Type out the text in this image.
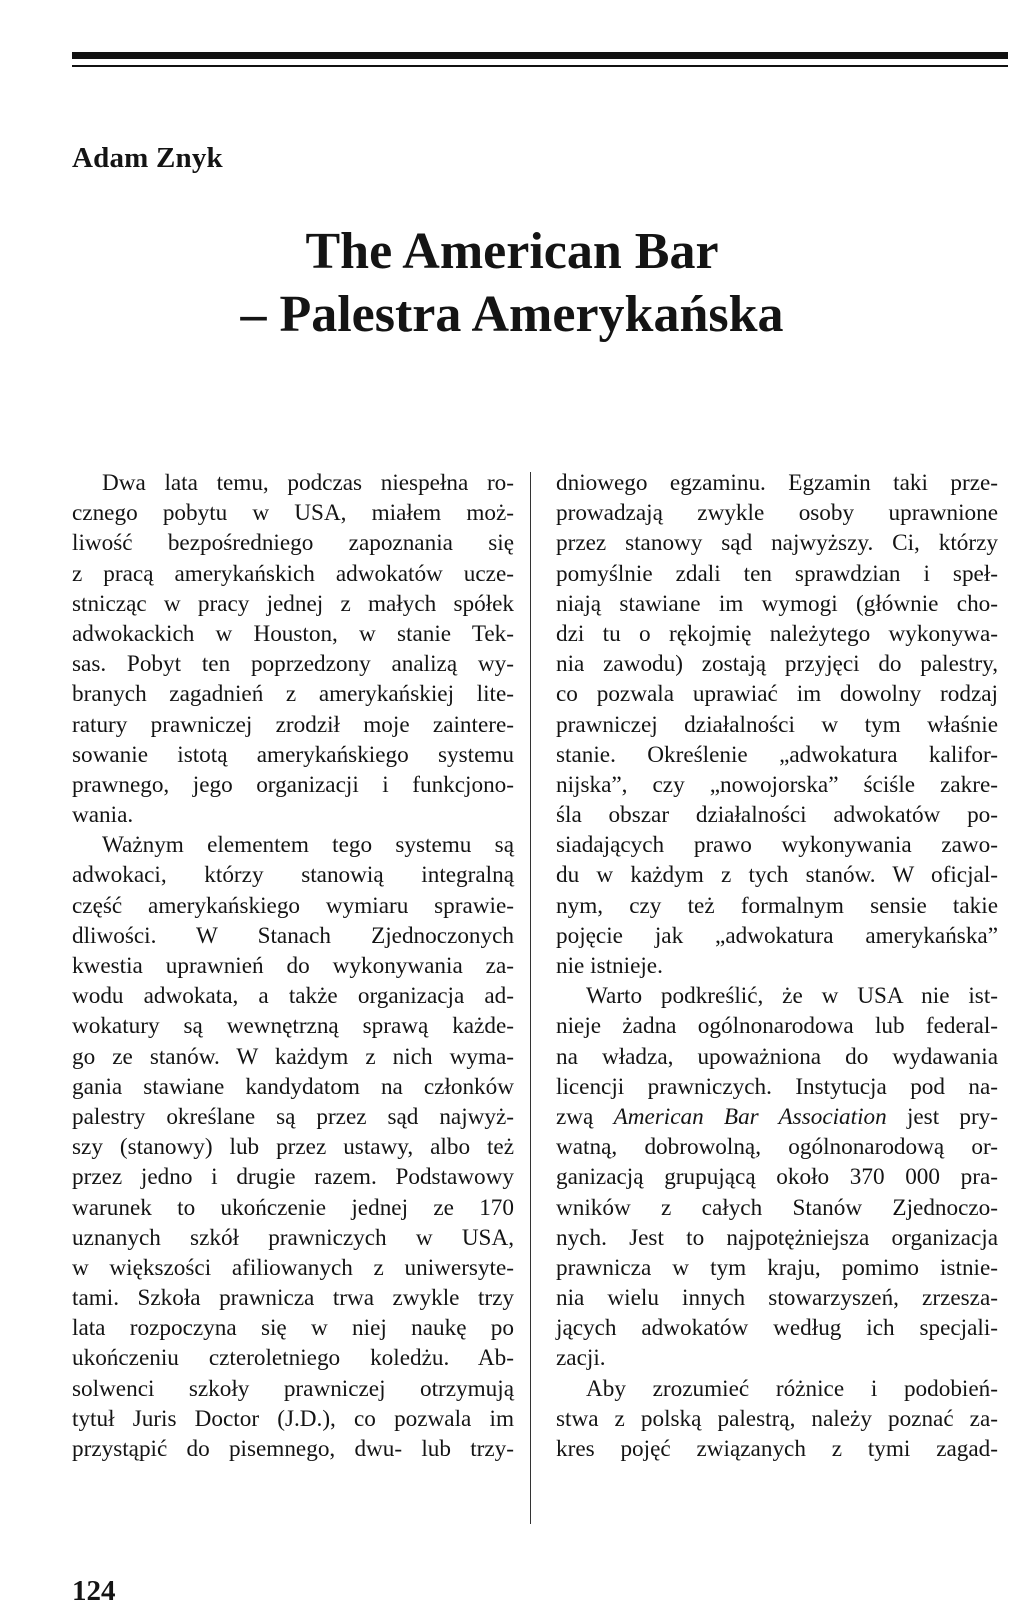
Adam Znyk
The American Bar
– Palestra Amerykańska
Dwa lata temu, podczas niespełna ro-
cznego pobytu w USA, miałem moż-
liwość bezpośredniego zapoznania się
z pracą amerykańskich adwokatów ucze-
stnicząc w pracy jednej z małych spółek
adwokackich w Houston, w stanie Tek-
sas. Pobyt ten poprzedzony analizą wy-
branych zagadnień z amerykańskiej lite-
ratury prawniczej zrodził moje zaintere-
sowanie istotą amerykańskiego systemu
prawnego, jego organizacji i funkcjono-
wania.
Ważnym elementem tego systemu są
adwokaci, którzy stanowią integralną
część amerykańskiego wymiaru sprawie-
dliwości. W Stanach Zjednoczonych
kwestia uprawnień do wykonywania za-
wodu adwokata, a także organizacja ad-
wokatury są wewnętrzną sprawą każde-
go ze stanów. W każdym z nich wyma-
gania stawiane kandydatom na członków
palestry określane są przez sąd najwyż-
szy (stanowy) lub przez ustawy, albo też
przez jedno i drugie razem. Podstawowy
warunek to ukończenie jednej ze 170
uznanych szkół prawniczych w USA,
w większości afiliowanych z uniwersyte-
tami. Szkoła prawnicza trwa zwykle trzy
lata rozpoczyna się w niej naukę po
ukończeniu czteroletniego koledżu. Ab-
solwenci szkoły prawniczej otrzymują
tytuł Juris Doctor (J.D.), co pozwala im
przystąpić do pisemnego, dwu- lub trzy-
dniowego egzaminu. Egzamin taki prze-
prowadzają zwykle osoby uprawnione
przez stanowy sąd najwyższy. Ci, którzy
pomyślnie zdali ten sprawdzian i speł-
niają stawiane im wymogi (głównie cho-
dzi tu o rękojmię należytego wykonywa-
nia zawodu) zostają przyjęci do palestry,
co pozwala uprawiać im dowolny rodzaj
prawniczej działalności w tym właśnie
stanie. Określenie „adwokatura kalifor-
nijska”, czy „nowojorska” ściśle zakre-
śla obszar działalności adwokatów po-
siadających prawo wykonywania zawo-
du w każdym z tych stanów. W oficjal-
nym, czy też formalnym sensie takie
pojęcie jak „adwokatura amerykańska”
nie istnieje.
Warto podkreślić, że w USA nie ist-
nieje żadna ogólnonarodowa lub federal-
na władza, upoważniona do wydawania
licencji prawniczych. Instytucja pod na-
zwą American Bar Association jest pry-
watną, dobrowolną, ogólnonarodową or-
ganizacją grupującą około 370 000 pra-
wników z całych Stanów Zjednoczo-
nych. Jest to najpotężniejsza organizacja
prawnicza w tym kraju, pomimo istnie-
nia wielu innych stowarzyszeń, zrzesza-
jących adwokatów według ich specjali-
zacji.
Aby zrozumieć różnice i podobień-
stwa z polską palestrą, należy poznać za-
kres pojęć związanych z tymi zagad-
124
